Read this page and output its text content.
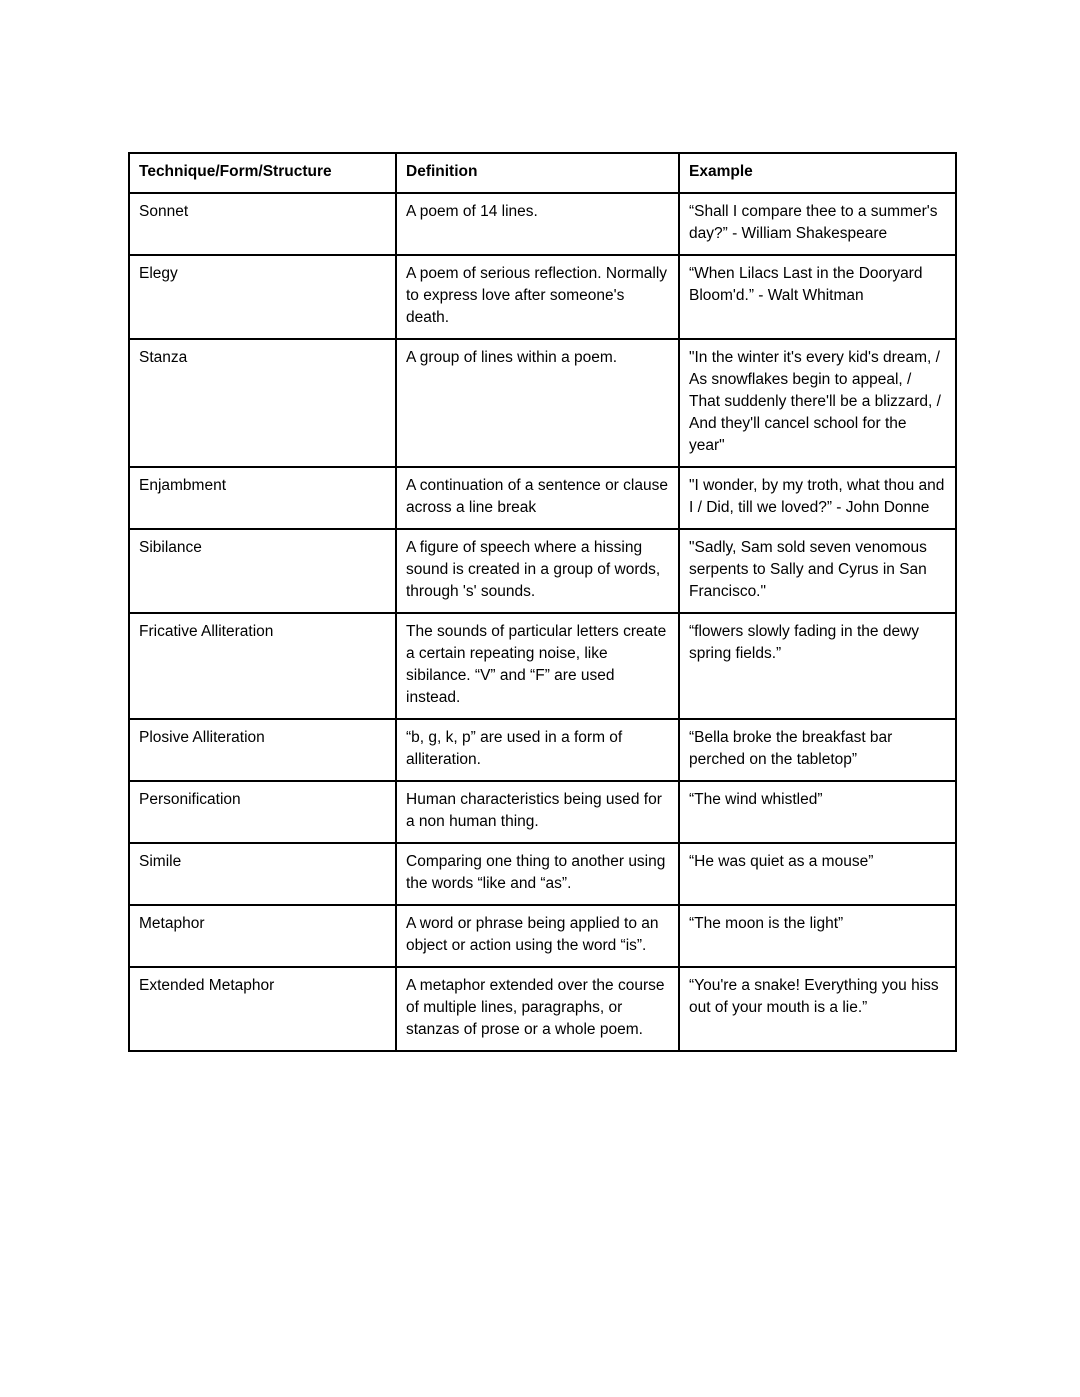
Technique/Form/Structure	Definition	Example
Sonnet	A poem of 14 lines.	“Shall I compare thee to a summer's day?” - William Shakespeare
Elegy	A poem of serious reflection. Normally to express love after someone's death.	“When Lilacs Last in the Dooryard Bloom'd.” - Walt Whitman
Stanza	A group of lines within a poem.	"In the winter it's every kid's dream, / As snowflakes begin to appeal, / That suddenly there'll be a blizzard, / And they'll cancel school for the year"
Enjambment	A continuation of a sentence or clause across a line break	"I wonder, by my troth, what thou and I / Did, till we loved?” - John Donne
Sibilance	A figure of speech where a hissing sound is created in a group of words, through 's' sounds.	"Sadly, Sam sold seven venomous serpents to Sally and Cyrus in San Francisco."
Fricative Alliteration	The sounds of particular letters create a certain repeating noise, like sibilance. “V” and “F” are used instead.	“flowers slowly fading in the dewy spring fields.”
Plosive Alliteration	“b, g, k, p” are used in a form of alliteration.	“Bella broke the breakfast bar perched on the tabletop”
Personification	Human characteristics being used for a non human thing.	“The wind whistled”
Simile	Comparing one thing to another using the words “like and “as”.	“He was quiet as a mouse”
Metaphor	A word or phrase being applied to an object or action using the word “is”.	“The moon is the light”
Extended Metaphor	A metaphor extended over the course of multiple lines, paragraphs, or stanzas of prose or a whole poem.	“You're a snake! Everything you hiss out of your mouth is a lie.”
